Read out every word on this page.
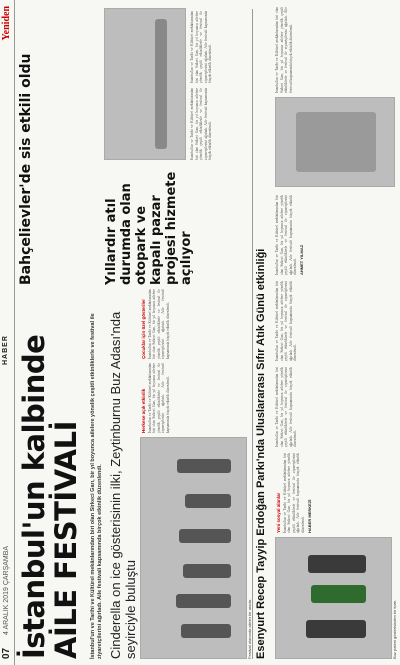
07
4 ARALIK 2019 ÇARŞAMBA
HABER
Yeniden
İstanbul'un kalbinde AİLE FESTİVALİ	İstanbul'un ve Tarihi ve Kültürel mekânlarından biri olan Sirkeci Garı, bir yıl boyunca ailelere yönelik çeşitli etkinliklerle ve festival ile ziyaretçilerini ağırladı. Aile festivali kapsamında birçok etkinlik düzenlendi.
Bahçelievler'de sis etkili oldu	Yıllardır atıl durumda olan otopark ve kapalı pazar projesi hizmete açılıyor
Cinderella on ice gösterisinin ilki, Zeytinburnu Buz Adası'nda seyirciyle buluştu	Festival alanında aileler bir arada.
Herkese açık etkinlik İstanbul'un ve Tarihi ve Kültürel mekânlarından biri olan Sirkeci Garı, bir yıl boyunca ailelere yönelik çeşitli etkinliklerle ve festival ile ziyaretçilerini ağırladı. Aile festivali kapsamında birçok etkinlik düzenlendi.

Çocuklar için özel gösteriler İstanbul'un ve Tarihi ve Kültürel mekânlarından biri olan Sirkeci Garı, bir yıl boyunca ailelere yönelik çeşitli etkinliklerle ve festival ile ziyaretçilerini ağırladı. Aile festivali kapsamında birçok etkinlik düzenlendi.

İstanbul'un ve Tarihi ve Kültürel mekânlarından biri olan Sirkeci Garı, bir yıl boyunca ailelere yönelik çeşitli etkinliklerle ve festival ile ziyaretçilerini ağırladı. Aile festivali kapsamında birçok etkinlik düzenlendi.

İstanbul'un ve Tarihi ve Kültürel mekânlarından biri olan Sirkeci Garı, bir yıl boyunca ailelere yönelik çeşitli etkinliklerle ve festival ile ziyaretçilerini ağırladı. Aile festivali kapsamında birçok etkinlik düzenlendi.

Esenyurt Recep Tayyip Erdoğan Parkı'nda Uluslararası Sıfır Atık Günü etkinliği	Buz pateni gösterisinden bir kare.
Yeni sosyal alanlar İstanbul'un ve Tarihi ve Kültürel mekânlarından biri olan Sirkeci Garı, bir yıl boyunca ailelere yönelik çeşitli etkinliklerle ve festival ile ziyaretçilerini ağırladı. Aile festivali kapsamında birçok etkinlik düzenlendi. HABER MERKEZİ

İstanbul'un ve Tarihi ve Kültürel mekânlarından biri olan Sirkeci Garı, bir yıl boyunca ailelere yönelik çeşitli etkinliklerle ve festival ile ziyaretçilerini ağırladı. Aile festivali kapsamında birçok etkinlik düzenlendi.

İstanbul'un ve Tarihi ve Kültürel mekânlarından biri olan Sirkeci Garı, bir yıl boyunca ailelere yönelik çeşitli etkinliklerle ve festival ile ziyaretçilerini ağırladı. Aile festivali kapsamında birçok etkinlik düzenlendi.

İstanbul'un ve Tarihi ve Kültürel mekânlarından biri olan Sirkeci Garı, bir yıl boyunca ailelere yönelik çeşitli etkinliklerle ve festival ile ziyaretçilerini ağırladı. Aile festivali kapsamında birçok etkinlik düzenlendi. AHMET YILMAZ

İstanbul'un ve Tarihi ve Kültürel mekânlarından biri olan Sirkeci Garı, bir yıl boyunca ailelere yönelik çeşitli etkinliklerle ve festival ile ziyaretçilerini ağırladı. Aile festivali kapsamında birçok etkinlik düzenlendi.
